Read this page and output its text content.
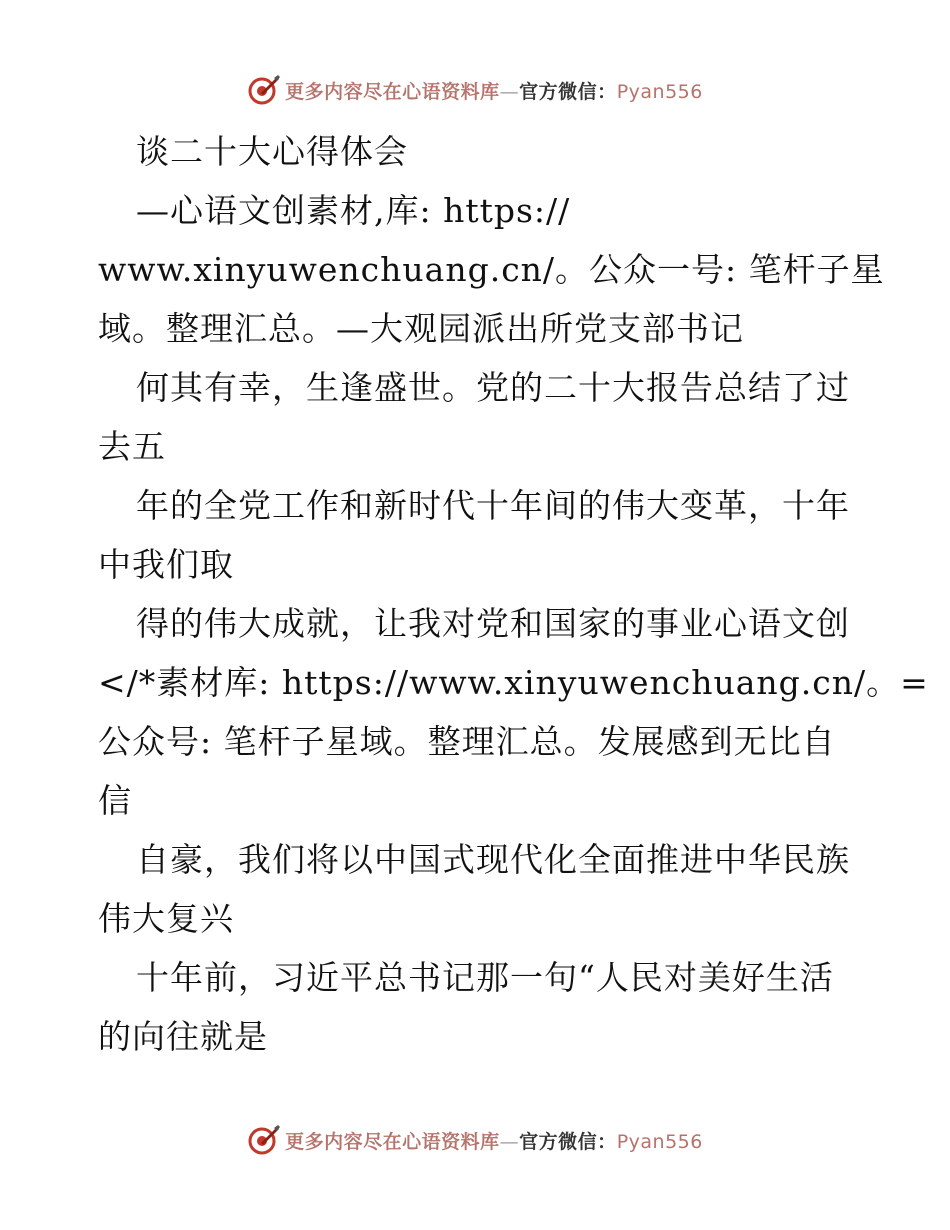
更多内容尽在心语资料库—官方微信：Pyan556
谈二十大心得体会
—心语文创素材,库: https://
www.xinyuwenchuang.cn/。公众一号: 笔杆子星
域。整理汇总。—大观园派出所党支部书记
何其有幸，生逢盛世。党的二十大报告总结了过
去五
年的全党工作和新时代十年间的伟大变革，十年
中我们取
得的伟大成就，让我对党和国家的事业心语文创
</*素材库: https://www.xinyuwenchuang.cn/。=
公众号: 笔杆子星域。整理汇总。发展感到无比自
信
自豪，我们将以中国式现代化全面推进中华民族
伟大复兴
十年前，习近平总书记那一句“人民对美好生活
的向往就是
更多内容尽在心语资料库—官方微信：Pyan556
